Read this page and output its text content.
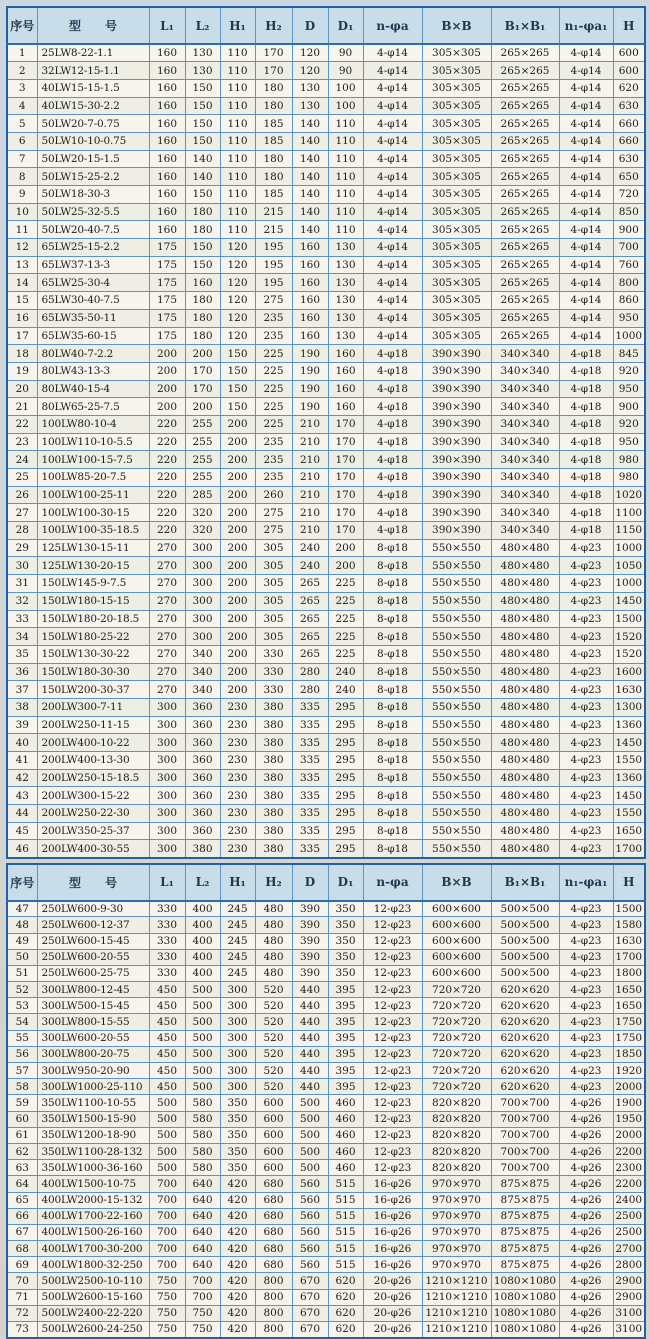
序号	型　　号	L₁	L₂	H₁	H₂	D	D₁	n-φa	B×B	B₁×B₁	n₁-φa₁	H
1	25LW8-22-1.1	160	130	110	170	120	90	4-φ14	305×305	265×265	4-φ14	600
2	32LW12-15-1.1	160	130	110	170	120	90	4-φ14	305×305	265×265	4-φ14	600
3	40LW15-15-1.5	160	150	110	180	130	100	4-φ14	305×305	265×265	4-φ14	620
4	40LW15-30-2.2	160	150	110	180	130	100	4-φ14	305×305	265×265	4-φ14	630
5	50LW20-7-0.75	160	150	110	185	140	110	4-φ14	305×305	265×265	4-φ14	660
6	50LW10-10-0.75	160	150	110	185	140	110	4-φ14	305×305	265×265	4-φ14	660
7	50LW20-15-1.5	160	140	110	180	140	110	4-φ14	305×305	265×265	4-φ14	630
8	50LW15-25-2.2	160	140	110	180	140	110	4-φ14	305×305	265×265	4-φ14	650
9	50LW18-30-3	160	150	110	185	140	110	4-φ14	305×305	265×265	4-φ14	720
10	50LW25-32-5.5	160	180	110	215	140	110	4-φ14	305×305	265×265	4-φ14	850
11	50LW20-40-7.5	160	180	110	215	140	110	4-φ14	305×305	265×265	4-φ14	900
12	65LW25-15-2.2	175	150	120	195	160	130	4-φ14	305×305	265×265	4-φ14	700
13	65LW37-13-3	175	150	120	195	160	130	4-φ14	305×305	265×265	4-φ14	760
14	65LW25-30-4	175	160	120	195	160	130	4-φ14	305×305	265×265	4-φ14	800
15	65LW30-40-7.5	175	180	120	275	160	130	4-φ14	305×305	265×265	4-φ14	860
16	65LW35-50-11	175	180	120	235	160	130	4-φ14	305×305	265×265	4-φ14	950
17	65LW35-60-15	175	180	120	235	160	130	4-φ14	305×305	265×265	4-φ14	1000
18	80LW40-7-2.2	200	200	150	225	190	160	4-φ18	390×390	340×340	4-φ18	845
19	80LW43-13-3	200	170	150	225	190	160	4-φ18	390×390	340×340	4-φ18	920
20	80LW40-15-4	200	170	150	225	190	160	4-φ18	390×390	340×340	4-φ18	950
21	80LW65-25-7.5	200	200	150	225	190	160	4-φ18	390×390	340×340	4-φ18	900
22	100LW80-10-4	220	255	200	225	210	170	4-φ18	390×390	340×340	4-φ18	920
23	100LW110-10-5.5	220	255	200	235	210	170	4-φ18	390×390	340×340	4-φ18	950
24	100LW100-15-7.5	220	255	200	235	210	170	4-φ18	390×390	340×340	4-φ18	980
25	100LW85-20-7.5	220	255	200	235	210	170	4-φ18	390×390	340×340	4-φ18	980
26	100LW100-25-11	220	285	200	260	210	170	4-φ18	390×390	340×340	4-φ18	1020
27	100LW100-30-15	220	320	200	275	210	170	4-φ18	390×390	340×340	4-φ18	1100
28	100LW100-35-18.5	220	320	200	275	210	170	4-φ18	390×390	340×340	4-φ18	1150
29	125LW130-15-11	270	300	200	305	240	200	8-φ18	550×550	480×480	4-φ23	1000
30	125LW130-20-15	270	300	200	305	240	200	8-φ18	550×550	480×480	4-φ23	1050
31	150LW145-9-7.5	270	300	200	305	265	225	8-φ18	550×550	480×480	4-φ23	1000
32	150LW180-15-15	270	300	200	305	265	225	8-φ18	550×550	480×480	4-φ23	1450
33	150LW180-20-18.5	270	300	200	305	265	225	8-φ18	550×550	480×480	4-φ23	1500
34	150LW180-25-22	270	300	200	305	265	225	8-φ18	550×550	480×480	4-φ23	1520
35	150LW130-30-22	270	340	200	330	265	225	8-φ18	550×550	480×480	4-φ23	1520
36	150LW180-30-30	270	340	200	330	280	240	8-φ18	550×550	480×480	4-φ23	1600
37	150LW200-30-37	270	340	200	330	280	240	8-φ18	550×550	480×480	4-φ23	1630
38	200LW300-7-11	300	360	230	380	335	295	8-φ18	550×550	480×480	4-φ23	1300
39	200LW250-11-15	300	360	230	380	335	295	8-φ18	550×550	480×480	4-φ23	1360
40	200LW400-10-22	300	360	230	380	335	295	8-φ18	550×550	480×480	4-φ23	1450
41	200LW400-13-30	300	360	230	380	335	295	8-φ18	550×550	480×480	4-φ23	1550
42	200LW250-15-18.5	300	360	230	380	335	295	8-φ18	550×550	480×480	4-φ23	1360
43	200LW300-15-22	300	360	230	380	335	295	8-φ18	550×550	480×480	4-φ23	1450
44	200LW250-22-30	300	360	230	380	335	295	8-φ18	550×550	480×480	4-φ23	1550
45	200LW350-25-37	300	360	230	380	335	295	8-φ18	550×550	480×480	4-φ23	1650
46	200LW400-30-55	300	380	230	380	335	295	8-φ18	550×550	480×480	4-φ23	1700
序号	型　　号	L₁	L₂	H₁	H₂	D	D₁	n-φa	B×B	B₁×B₁	n₁-φa₁	H
47	250LW600-9-30	330	400	245	480	390	350	12-φ23	600×600	500×500	4-φ23	1500
48	250LW600-12-37	330	400	245	480	390	350	12-φ23	600×600	500×500	4-φ23	1580
49	250LW600-15-45	330	400	245	480	390	350	12-φ23	600×600	500×500	4-φ23	1630
50	250LW600-20-55	330	400	245	480	390	350	12-φ23	600×600	500×500	4-φ23	1700
51	250LW600-25-75	330	400	245	480	390	350	12-φ23	600×600	500×500	4-φ23	1800
52	300LW800-12-45	450	500	300	520	440	395	12-φ23	720×720	620×620	4-φ23	1650
53	300LW500-15-45	450	500	300	520	440	395	12-φ23	720×720	620×620	4-φ23	1650
54	300LW800-15-55	450	500	300	520	440	395	12-φ23	720×720	620×620	4-φ23	1750
55	300LW600-20-55	450	500	300	520	440	395	12-φ23	720×720	620×620	4-φ23	1750
56	300LW800-20-75	450	500	300	520	440	395	12-φ23	720×720	620×620	4-φ23	1850
57	300LW950-20-90	450	500	300	520	440	395	12-φ23	720×720	620×620	4-φ23	1920
58	300LW1000-25-110	450	500	300	520	440	395	12-φ23	720×720	620×620	4-φ23	2000
59	350LW1100-10-55	500	580	350	600	500	460	12-φ23	820×820	700×700	4-φ26	1900
60	350LW1500-15-90	500	580	350	600	500	460	12-φ23	820×820	700×700	4-φ26	1950
61	350LW1200-18-90	500	580	350	600	500	460	12-φ23	820×820	700×700	4-φ26	2000
62	350LW1100-28-132	500	580	350	600	500	460	12-φ23	820×820	700×700	4-φ26	2200
63	350LW1000-36-160	500	580	350	600	500	460	12-φ23	820×820	700×700	4-φ26	2300
64	400LW1500-10-75	700	640	420	680	560	515	16-φ26	970×970	875×875	4-φ26	2200
65	400LW2000-15-132	700	640	420	680	560	515	16-φ26	970×970	875×875	4-φ26	2400
66	400LW1700-22-160	700	640	420	680	560	515	16-φ26	970×970	875×875	4-φ26	2500
67	400LW1500-26-160	700	640	420	680	560	515	16-φ26	970×970	875×875	4-φ26	2500
68	400LW1700-30-200	700	640	420	680	560	515	16-φ26	970×970	875×875	4-φ26	2700
69	400LW1800-32-250	700	640	420	680	560	515	16-φ26	970×970	875×875	4-φ26	2800
70	500LW2500-10-110	750	700	420	800	670	620	20-φ26	1210×1210	1080×1080	4-φ26	2900
71	500LW2600-15-160	750	700	420	800	670	620	20-φ26	1210×1210	1080×1080	4-φ26	2900
72	500LW2400-22-220	750	750	420	800	670	620	20-φ26	1210×1210	1080×1080	4-φ26	3100
73	500LW2600-24-250	750	750	420	800	670	620	20-φ26	1210×1210	1080×1080	4-φ26	3100
